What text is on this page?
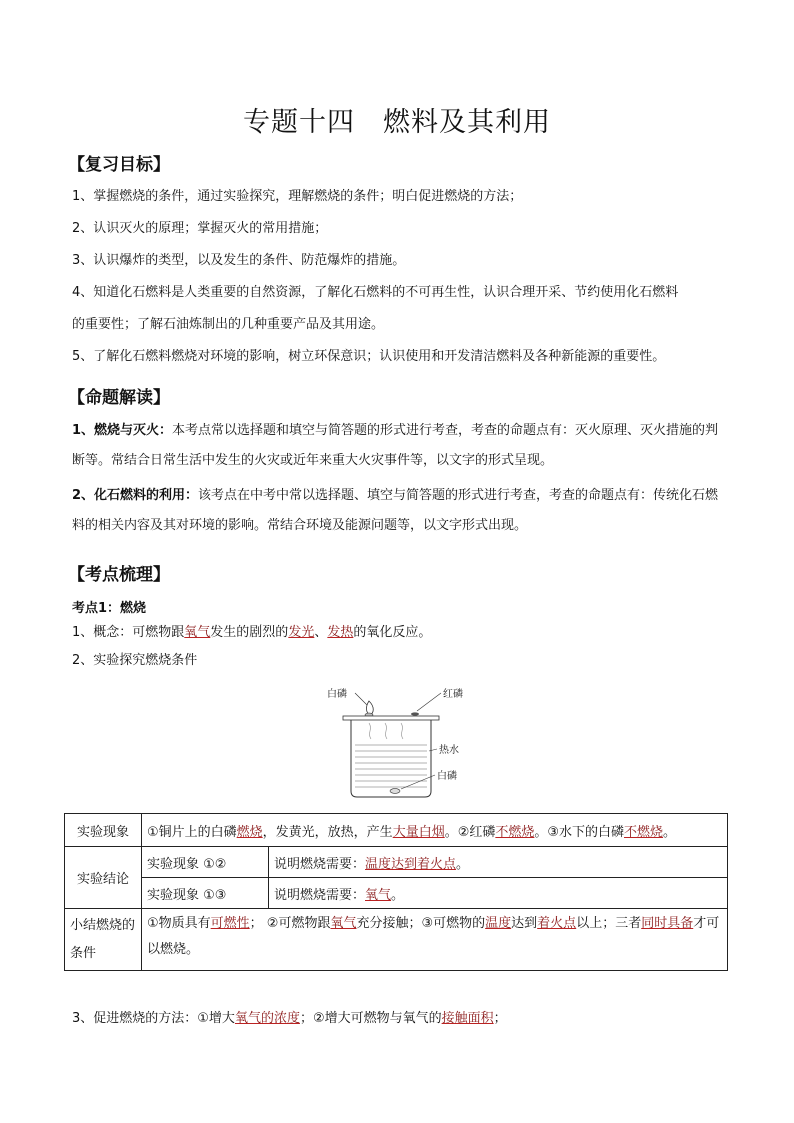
专题十四　燃料及其利用
【复习目标】
1、掌握燃烧的条件，通过实验探究，理解燃烧的条件；明白促进燃烧的方法；
2、认识灭火的原理；掌握灭火的常用措施；
3、认识爆炸的类型，以及发生的条件、防范爆炸的措施。
4、知道化石燃料是人类重要的自然资源，了解化石燃料的不可再生性，认识合理开采、节约使用化石燃料
的重要性；了解石油炼制出的几种重要产品及其用途。
5、了解化石燃料燃烧对环境的影响，树立环保意识；认识使用和开发清洁燃料及各种新能源的重要性。
【命题解读】
1、燃烧与灭火：本考点常以选择题和填空与简答题的形式进行考查，考查的命题点有：灭火原理、灭火措施的判断等。常结合日常生活中发生的火灾或近年来重大火灾事件等，以文字的形式呈现。
2、化石燃料的利用：该考点在中考中常以选择题、填空与简答题的形式进行考查，考查的命题点有：传统化石燃料的相关内容及其对环境的影响。常结合环境及能源问题等，以文字形式出现。
【考点梳理】
考点1：燃烧
1、概念：可燃物跟氧气发生的剧烈的发光、发热的氧化反应。
2、实验探究燃烧条件
白磷	红磷
热水
白磷
实验现象	①铜片上的白磷燃烧，发黄光，放热，产生大量白烟。②红磷不燃烧。③水下的白磷不燃烧。	
实验结论	实验现象 ①②	说明燃烧需要：温度达到着火点。
	实验现象 ①③	说明燃烧需要：氧气。
小结燃烧的条件	①物质具有可燃性； ②可燃物跟氧气充分接触；③可燃物的温度达到着火点以上；三者同时具备才可以燃烧。	
3、促进燃烧的方法：①增大氧气的浓度；②增大可燃物与氧气的接触面积；
